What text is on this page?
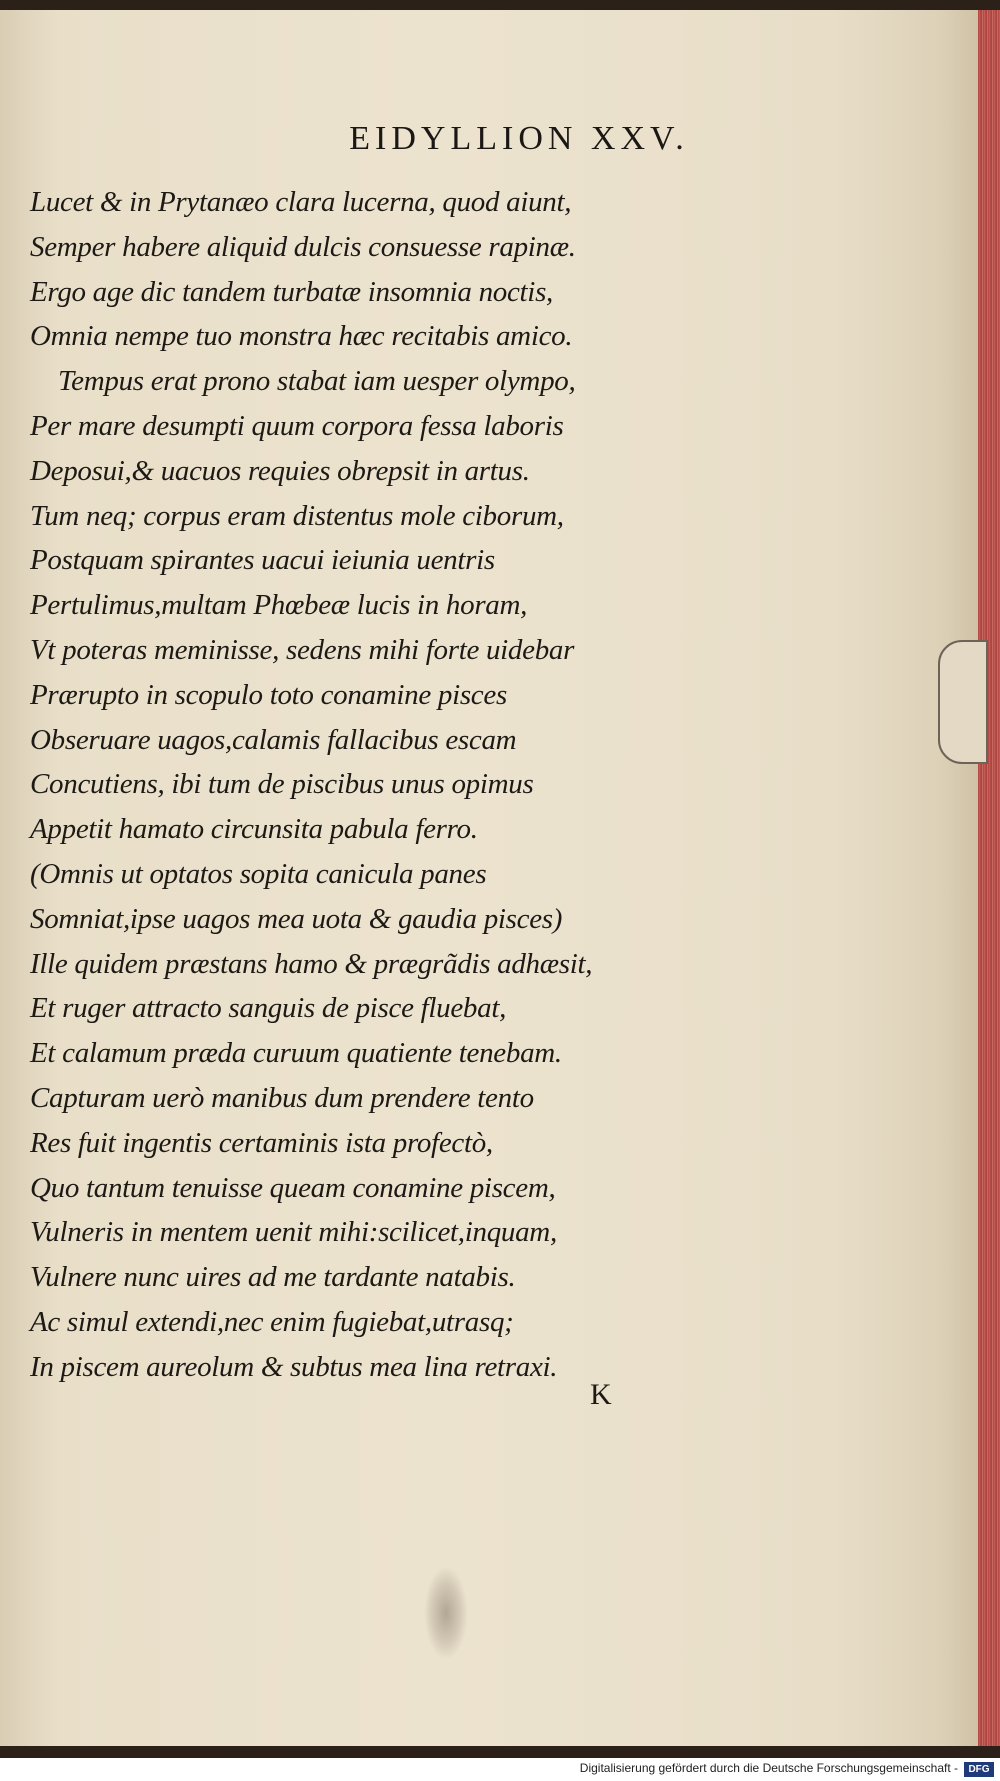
EIDYLLION XXV.
Lucet & in Prytanæo clara lucerna, quod aiunt,
Semper habere aliquid dulcis consuesse rapinæ.
Ergo age dic tandem turbatæ insomnia noctis,
Omnia nempe tuo monstra hæc recitabis amico.
Tempus erat prono stabat iam uesper olympo,
Per mare desumpti quum corpora fessa laboris
Deposui,& uacuos requies obrepsit in artus.
Tum neq; corpus eram distentus mole ciborum,
Postquam spirantes uacui ieiunia uentris
Pertulimus,multam Phœbeæ lucis in horam,
Vt poteras meminisse, sedens mihi forte uidebar
Prærupto in scopulo toto conamine pisces
Obseruare uagos,calamis fallacibus escam
Concutiens, ibi tum de piscibus unus opimus
Appetit hamato circunsita pabula ferro.
(Omnis ut optatos sopita canicula panes
Somniat,ipse uagos mea uota & gaudia pisces)
Ille quidem præstans hamo & prægrãdis adhæsit,
Et ruger attracto sanguis de pisce fluebat,
Et calamum præda curuum quatiente tenebam.
Capturam uerò manibus dum prendere tento
Res fuit ingentis certaminis ista profectò,
Quo tantum tenuisse queam conamine piscem,
Vulneris in mentem uenit mihi:scilicet,inquam,
Vulnere nunc uires ad me tardante natabis.
Ac simul extendi,nec enim fugiebat,utrasq;
In piscem aureolum & subtus mea lina retraxi.

K

Digitalisierung gefördert durch die Deutsche Forschungsgemeinschaft -	DFG
